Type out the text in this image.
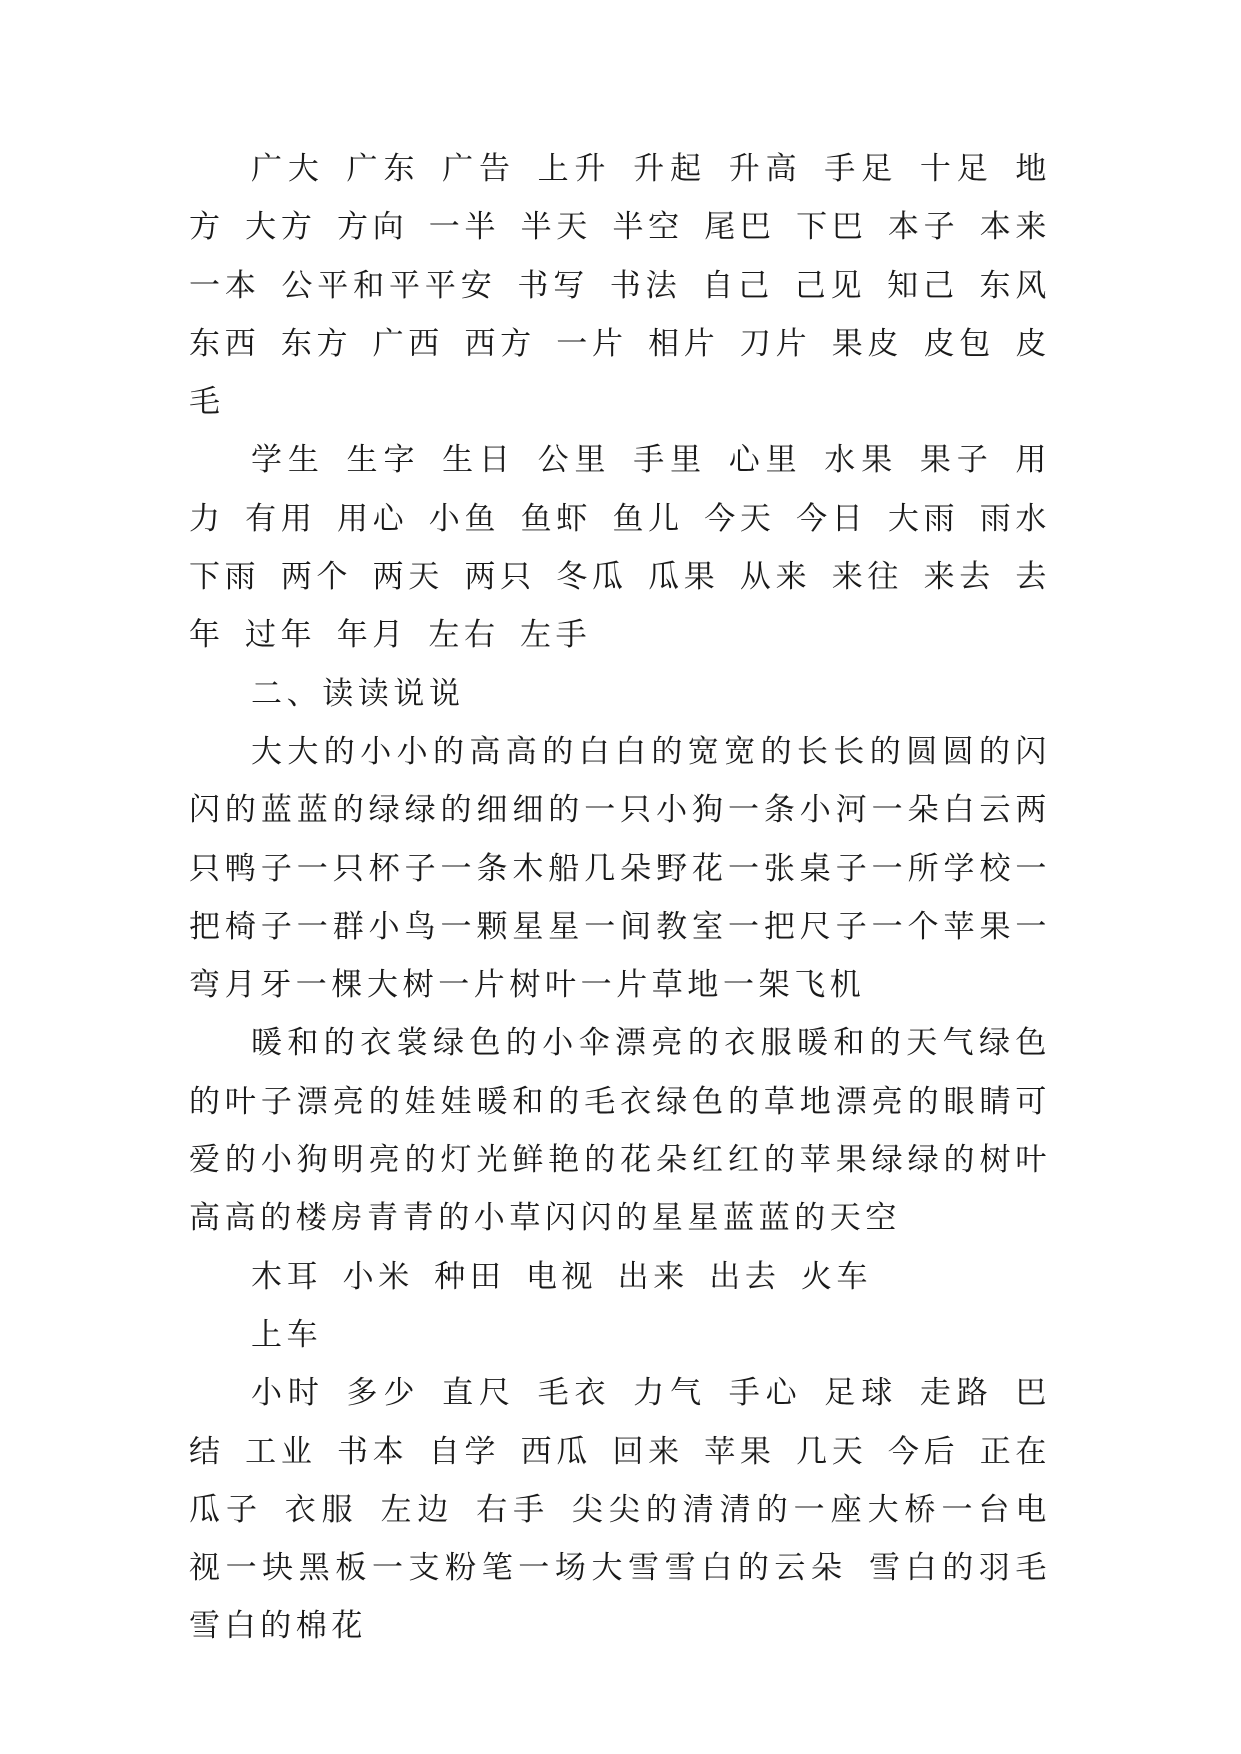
广大 广东 广告 上升 升起 升高 手足 十足 地方 大方 方向 一半 半天 半空 尾巴 下巴 本子 本来 一本 公平和平平安 书写 书法 自己 己见 知己 东风 东西 东方 广西 西方 一片 相片 刀片 果皮 皮包 皮毛

学生 生字 生日 公里 手里 心里 水果 果子 用力 有用 用心 小鱼 鱼虾 鱼儿 今天 今日 大雨 雨水 下雨 两个 两天 两只 冬瓜 瓜果 从来 来往 来去 去年 过年 年月 左右 左手

二、读读说说

大大的小小的高高的白白的宽宽的长长的圆圆的闪闪的蓝蓝的绿绿的细细的一只小狗一条小河一朵白云两只鸭子一只杯子一条木船几朵野花一张桌子一所学校一把椅子一群小鸟一颗星星一间教室一把尺子一个苹果一弯月牙一棵大树一片树叶一片草地一架飞机

暖和的衣裳绿色的小伞漂亮的衣服暖和的天气绿色的叶子漂亮的娃娃暖和的毛衣绿色的草地漂亮的眼睛可爱的小狗明亮的灯光鲜艳的花朵红红的苹果绿绿的树叶高高的楼房青青的小草闪闪的星星蓝蓝的天空

木耳 小米 种田 电视 出来 出去 火车

上车

小时 多少 直尺 毛衣 力气 手心 足球 走路 巴结 工业 书本 自学 西瓜 回来 苹果 几天 今后 正在 瓜子 衣服 左边 右手 尖尖的清清的一座大桥一台电视一块黑板一支粉笔一场大雪雪白的云朵 雪白的羽毛 雪白的棉花
